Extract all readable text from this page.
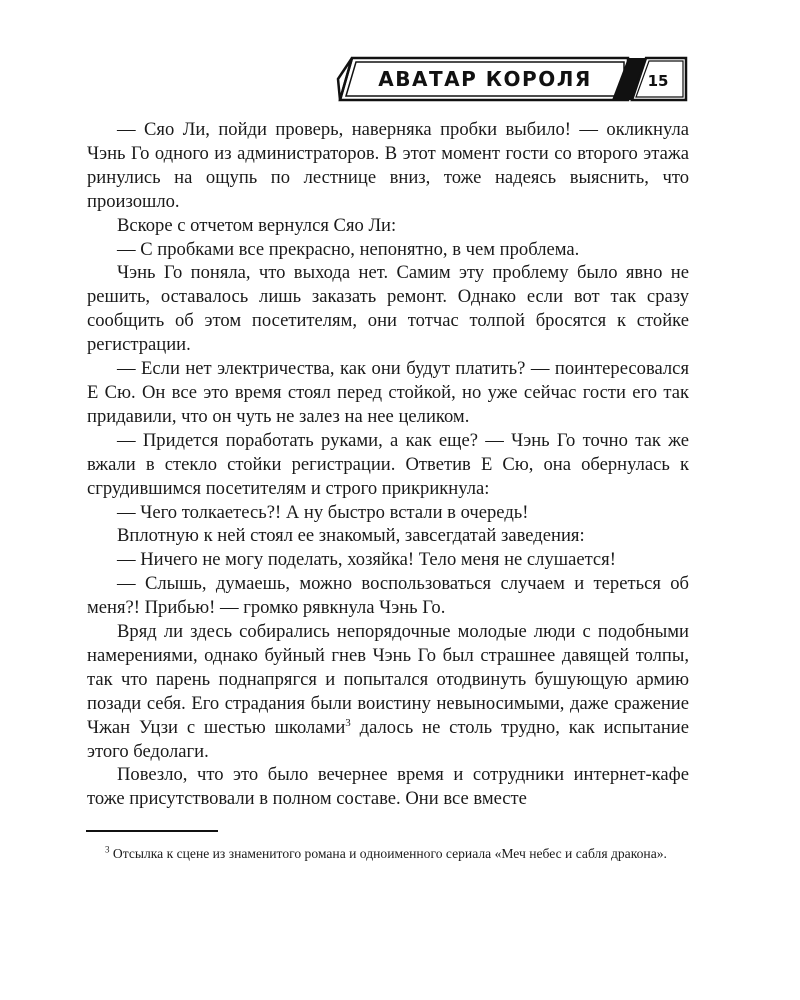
АВАТАР КОРОЛЯ	15

— Сяо Ли, пойди проверь, наверняка пробки выбило! — окликнула Чэнь Го одного из администраторов. В этот момент гости со второго этажа ринулись на ощупь по лестнице вниз, тоже надеясь выяснить, что произошло.

Вскоре с отчетом вернулся Сяо Ли:

— С пробками все прекрасно, непонятно, в чем проблема.

Чэнь Го поняла, что выхода нет. Самим эту проблему было явно не решить, оставалось лишь заказать ремонт. Однако если вот так сразу сообщить об этом посетителям, они тотчас толпой бросятся к стойке регистрации.

— Если нет электричества, как они будут платить? — поинтересовался Е Сю. Он все это время стоял перед стойкой, но уже сейчас гости его так придавили, что он чуть не залез на нее целиком.

— Придется поработать руками, а как еще? — Чэнь Го точно так же вжали в стекло стойки регистрации. Ответив Е Сю, она обернулась к сгрудившимся посетителям и строго прикрикнула:

— Чего толкаетесь?! А ну быстро встали в очередь!

Вплотную к ней стоял ее знакомый, завсегдатай заведения:

— Ничего не могу поделать, хозяйка! Тело меня не слушается!

— Слышь, думаешь, можно воспользоваться случаем и тереться об меня?! Прибью! — громко рявкнула Чэнь Го.

Вряд ли здесь собирались непорядочные молодые люди с подобными намерениями, однако буйный гнев Чэнь Го был страшнее давящей толпы, так что парень поднапрягся и попытался отодвинуть бушующую армию позади себя. Его страдания были воистину невыносимыми, даже сражение Чжан Уцзи с шестью школами$^3$ далось не столь трудно, как испытание этого бедолаги.

Повезло, что это было вечернее время и сотрудники интернет-кафе тоже присутствовали в полном составе. Они все вместе

$^3$ Отсылка к сцене из знаменитого романа и одноименного сериала «Меч небес и сабля дракона».
